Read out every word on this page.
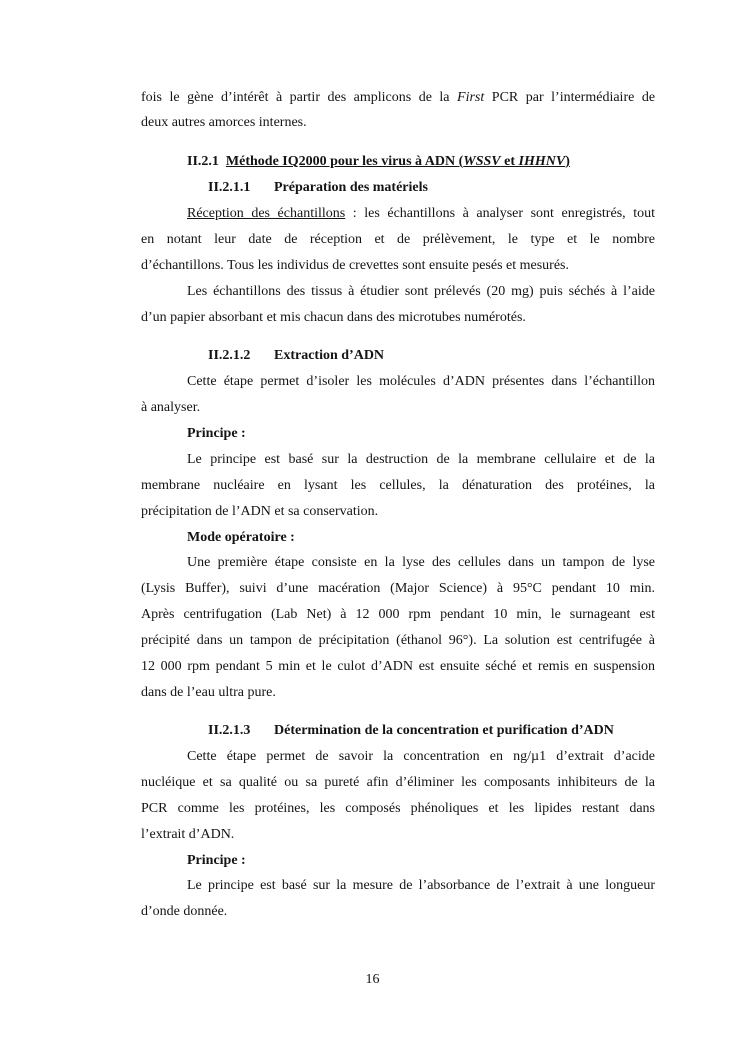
fois le gène d’intérêt à partir des amplicons de la First PCR par l’intermédiaire de
deux autres amorces internes.
II.2.1 Méthode IQ2000 pour les virus à ADN (WSSV et IHHNV)
II.2.1.1 Préparation des matériels
Réception des échantillons : les échantillons à analyser sont enregistrés, tout
en notant leur date de réception et de prélèvement, le type et le nombre
d’échantillons. Tous les individus de crevettes sont ensuite pesés et mesurés.
Les échantillons des tissus à étudier sont prélevés (20 mg) puis séchés à l’aide
d’un papier absorbant et mis chacun dans des microtubes numérotés.
II.2.1.2 Extraction d’ADN
Cette étape permet d’isoler les molécules d’ADN présentes dans l’échantillon
à analyser.
Principe :
Le principe est basé sur la destruction de la membrane cellulaire et de la
membrane nucléaire en lysant les cellules, la dénaturation des protéines, la
précipitation de l’ADN et sa conservation.
Mode opératoire :
Une première étape consiste en la lyse des cellules dans un tampon de lyse
(Lysis Buffer), suivi d’une macération (Major Science) à 95°C pendant 10 min.
Après centrifugation (Lab Net) à 12 000 rpm pendant 10 min, le surnageant est
précipité dans un tampon de précipitation (éthanol 96°). La solution est centrifugée à
12 000 rpm pendant 5 min et le culot d’ADN est ensuite séché et remis en suspension
dans de l’eau ultra pure.
II.2.1.3 Détermination de la concentration et purification d’ADN
Cette étape permet de savoir la concentration en ng/µ1 d’extrait d’acide
nucléique et sa qualité ou sa pureté afin d’éliminer les composants inhibiteurs de la
PCR comme les protéines, les composés phénoliques et les lipides restant dans
l’extrait d’ADN.
Principe :
Le principe est basé sur la mesure de l’absorbance de l’extrait à une longueur
d’onde donnée.
16
